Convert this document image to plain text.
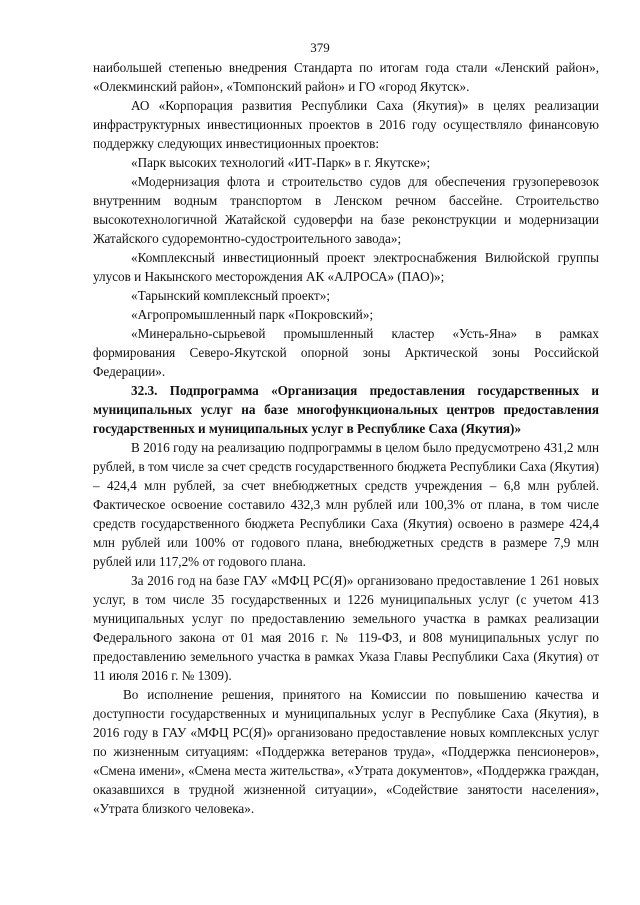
379

наибольшей степенью внедрения Стандарта по итогам года стали «Ленский район», «Олекминский район», «Томпонский район» и ГО «город Якутск».

АО «Корпорация развития Республики Саха (Якутия)» в целях реализации инфраструктурных инвестиционных проектов в 2016 году осуществляло финансовую поддержку следующих инвестиционных проектов:

«Парк высоких технологий «ИТ-Парк» в г. Якутске»;

«Модернизация флота и строительство судов для обеспечения грузоперевозок внутренним водным транспортом в Ленском речном бассейне. Строительство высокотехнологичной Жатайской судоверфи на базе реконструкции и модернизации Жатайского судоремонтно-судостроительного завода»;

«Комплексный инвестиционный проект электроснабжения Вилюйской группы улусов и Накынского месторождения АК «АЛРОСА» (ПАО)»;

«Тарынский комплексный проект»;

«Агропромышленный парк «Покровский»;

«Минерально-сырьевой промышленный кластер «Усть-Яна» в рамках формирования Северо-Якутской опорной зоны Арктической зоны Российской Федерации».

32.3. Подпрограмма «Организация предоставления государственных и муниципальных услуг на базе многофункциональных центров предоставления государственных и муниципальных услуг в Республике Саха (Якутия)»

В 2016 году на реализацию подпрограммы в целом было предусмотрено 431,2 млн рублей, в том числе за счет средств государственного бюджета Республики Саха (Якутия) – 424,4 млн рублей, за счет внебюджетных средств учреждения – 6,8 млн рублей. Фактическое освоение составило 432,3 млн рублей или 100,3% от плана, в том числе средств государственного бюджета Республики Саха (Якутия) освоено в размере 424,4 млн рублей или 100% от годового плана, внебюджетных средств в размере 7,9 млн рублей или 117,2% от годового плана.

За 2016 год на базе ГАУ «МФЦ РС(Я)» организовано предоставление 1 261 новых услуг, в том числе 35 государственных и 1226 муниципальных услуг (с учетом 413 муниципальных услуг по предоставлению земельного участка в рамках реализации Федерального закона от 01 мая 2016 г. № 119-ФЗ, и 808 муниципальных услуг по предоставлению земельного участка в рамках Указа Главы Республики Саха (Якутия) от 11 июля 2016 г. № 1309).

Во исполнение решения, принятого на Комиссии по повышению качества и доступности государственных и муниципальных услуг в Республике Саха (Якутия), в 2016 году в ГАУ «МФЦ РС(Я)» организовано предоставление новых комплексных услуг по жизненным ситуациям: «Поддержка ветеранов труда», «Поддержка пенсионеров», «Смена имени», «Смена места жительства», «Утрата документов», «Поддержка граждан, оказавшихся в трудной жизненной ситуации», «Содействие занятости населения», «Утрата близкого человека».
